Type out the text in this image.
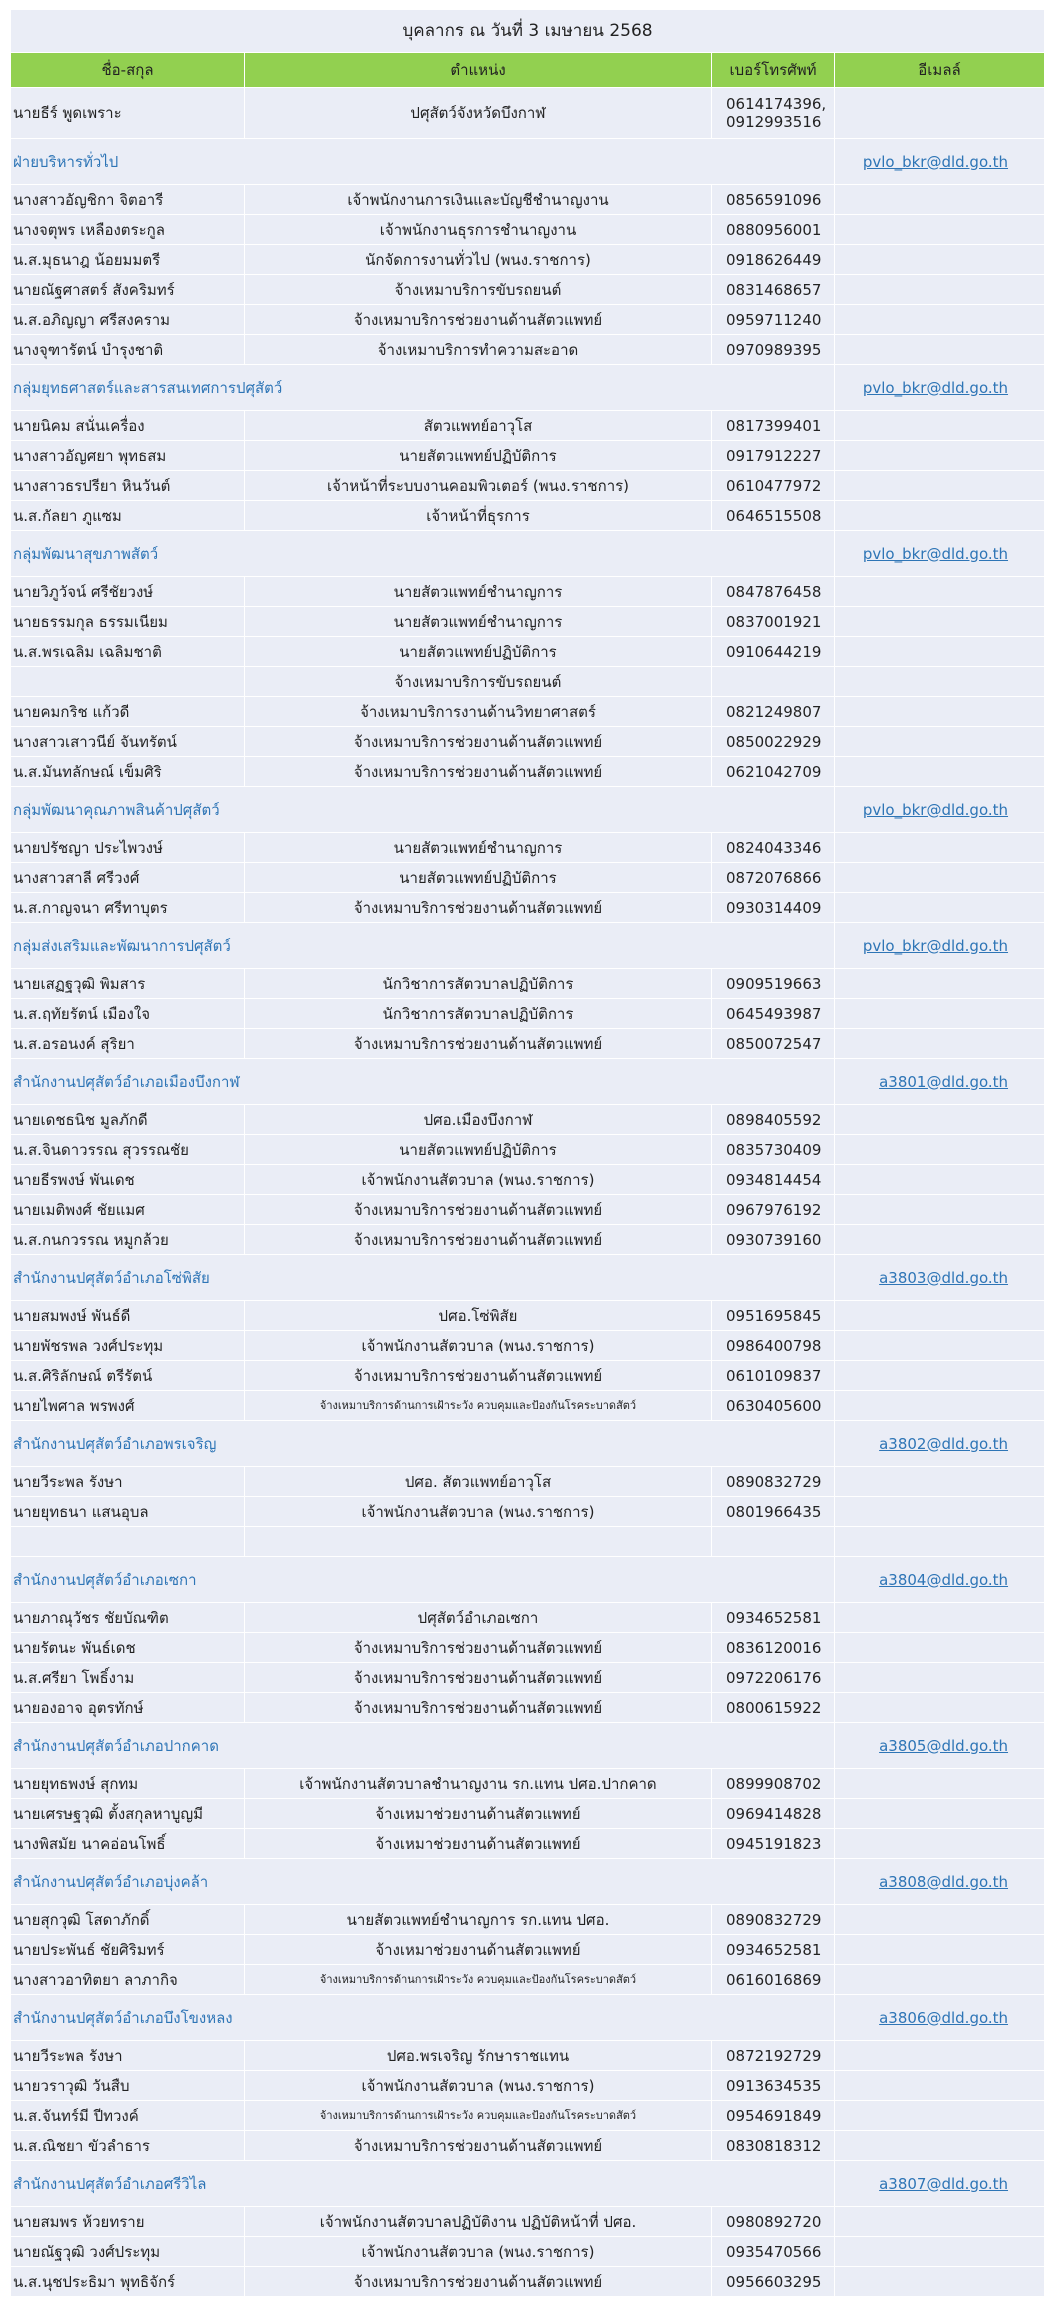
บุคลากร ณ วันที่ 3 เมษายน 2568			
ชื่อ-สกุล	ตำแหน่ง	เบอร์โทรศัพท์	อีเมลล์
นายธีร์ พูดเพราะ	ปศุสัตว์จังหวัดบึงกาฬ	0614174396,
0912993516	
ฝ่ายบริหารทั่วไป			pvlo_bkr@dld.go.th
นางสาวอัญชิกา จิตอารี	เจ้าพนักงานการเงินและบัญชีชำนาญงาน	0856591096	
นางจตุพร เหลืองตระกูล	เจ้าพนักงานธุรการชำนาญงาน	0880956001	
น.ส.มุธนาฎ น้อยมมตรี	นักจัดการงานทั่วไป (พนง.ราชการ)	0918626449	
นายณัฐศาสตร์ สังคริมทร์	จ้างเหมาบริการขับรถยนต์	0831468657	
น.ส.อภิญญา ศรีสงคราม	จ้างเหมาบริการช่วยงานด้านสัตวแพทย์	0959711240	
นางจุฑารัตน์ บำรุงชาติ	จ้างเหมาบริการทำความสะอาด	0970989395	
กลุ่มยุทธศาสตร์และสารสนเทศการปศุสัตว์			pvlo_bkr@dld.go.th
นายนิคม สนั่นเครื่อง	สัตวแพทย์อาวุโส	0817399401	
นางสาวอัญศยา พุทธสม	นายสัตวแพทย์ปฏิบัติการ	0917912227	
นางสาวธรปรียา หินวันต์	เจ้าหน้าที่ระบบงานคอมพิวเตอร์ (พนง.ราชการ)	0610477972	
น.ส.กัลยา ภูแซม	เจ้าหน้าที่ธุรการ	0646515508	
กลุ่มพัฒนาสุขภาพสัตว์			pvlo_bkr@dld.go.th
นายวิภูวัจน์ ศรีชัยวงษ์	นายสัตวแพทย์ชำนาญการ	0847876458	
นายธรรมกุล ธรรมเนียม	นายสัตวแพทย์ชำนาญการ	0837001921	
น.ส.พรเฉลิม เฉลิมชาติ	นายสัตวแพทย์ปฏิบัติการ	0910644219	
	จ้างเหมาบริการขับรถยนต์		
นายคมกริช แก้วดี	จ้างเหมาบริการงานด้านวิทยาศาสตร์	0821249807	
นางสาวเสาวนีย์ จันทรัตน์	จ้างเหมาบริการช่วยงานด้านสัตวแพทย์	0850022929	
น.ส.มันทลักษณ์ เข็มศิริ	จ้างเหมาบริการช่วยงานด้านสัตวแพทย์	0621042709	
กลุ่มพัฒนาคุณภาพสินค้าปศุสัตว์			pvlo_bkr@dld.go.th
นายปรัชญา ประไพวงษ์	นายสัตวแพทย์ชำนาญการ	0824043346	
นางสาวสาลี ศรีวงศ์	นายสัตวแพทย์ปฏิบัติการ	0872076866	
น.ส.กาญจนา ศรีทาบุตร	จ้างเหมาบริการช่วยงานด้านสัตวแพทย์	0930314409	
กลุ่มส่งเสริมและพัฒนาการปศุสัตว์			pvlo_bkr@dld.go.th
นายเสฏฐวุฒิ พิมสาร	นักวิชาการสัตวบาลปฏิบัติการ	0909519663	
น.ส.ฤทัยรัตน์ เมืองใจ	นักวิชาการสัตวบาลปฏิบัติการ	0645493987	
น.ส.อรอนงค์ สุริยา	จ้างเหมาบริการช่วยงานด้านสัตวแพทย์	0850072547	
สำนักงานปศุสัตว์อำเภอเมืองบึงกาฬ			a3801@dld.go.th
นายเดชธนิช มูลภักดี	ปศอ.เมืองบึงกาฬ	0898405592	
น.ส.จินดาวรรณ สุวรรณชัย	นายสัตวแพทย์ปฏิบัติการ	0835730409	
นายธีรพงษ์ พันเดช	เจ้าพนักงานสัตวบาล (พนง.ราชการ)	0934814454	
นายเมติพงศ์ ชัยแมศ	จ้างเหมาบริการช่วยงานด้านสัตวแพทย์	0967976192	
น.ส.กนกวรรณ หมูกล้วย	จ้างเหมาบริการช่วยงานด้านสัตวแพทย์	0930739160	
สำนักงานปศุสัตว์อำเภอโซ่พิสัย			a3803@dld.go.th
นายสมพงษ์ พันธ์ดี	ปศอ.โซ่พิสัย	0951695845	
นายพัชรพล วงศ์ประทุม	เจ้าพนักงานสัตวบาล (พนง.ราชการ)	0986400798	
น.ส.ศิริลักษณ์ ตรีรัตน์	จ้างเหมาบริการช่วยงานด้านสัตวแพทย์	0610109837	
นายไพศาล พรพงศ์	จ้างเหมาบริการด้านการเฝ้าระวัง ควบคุมและป้องกันโรคระบาดสัตว์	0630405600	
สำนักงานปศุสัตว์อำเภอพรเจริญ			a3802@dld.go.th
นายวีระพล รังษา	ปศอ. สัตวแพทย์อาวุโส	0890832729	
นายยุทธนา แสนอุบล	เจ้าพนักงานสัตวบาล (พนง.ราชการ)	0801966435	

สำนักงานปศุสัตว์อำเภอเซกา			a3804@dld.go.th
นายภาณุวัชร ชัยบัณฑิต	ปศุสัตว์อำเภอเซกา	0934652581	
นายรัตนะ พันธ์เดช	จ้างเหมาบริการช่วยงานด้านสัตวแพทย์	0836120016	
น.ส.ศรียา โพธิ์งาม	จ้างเหมาบริการช่วยงานด้านสัตวแพทย์	0972206176	
นายองอาจ อุตรทักษ์	จ้างเหมาบริการช่วยงานด้านสัตวแพทย์	0800615922	
สำนักงานปศุสัตว์อำเภอปากคาด			a3805@dld.go.th
นายยุทธพงษ์ สุกทม	เจ้าพนักงานสัตวบาลชำนาญงาน รก.แทน ปศอ.ปากคาด	0899908702	
นายเศรษฐวุฒิ ตั้งสกุลหาบูญมี	จ้างเหมาช่วยงานด้านสัตวแพทย์	0969414828	
นางพิสมัย นาคอ่อนโพธิ์	จ้างเหมาช่วยงานด้านสัตวแพทย์	0945191823	
สำนักงานปศุสัตว์อำเภอบุ่งคล้า			a3808@dld.go.th
นายสุกวุฒิ โสดาภักดิ์	นายสัตวแพทย์ชำนาญการ รก.แทน ปศอ.	0890832729	
นายประพันธ์ ชัยศิริมทร์	จ้างเหมาช่วยงานด้านสัตวแพทย์	0934652581	
นางสาวอาทิตยา ลาภากิจ	จ้างเหมาบริการด้านการเฝ้าระวัง ควบคุมและป้องกันโรคระบาดสัตว์	0616016869	
สำนักงานปศุสัตว์อำเภอบึงโขงหลง			a3806@dld.go.th
นายวีระพล รังษา	ปศอ.พรเจริญ รักษาราชแทน	0872192729	
นายวราวุฒิ วันสืบ	เจ้าพนักงานสัตวบาล (พนง.ราชการ)	0913634535	
น.ส.จันทร์มี ปีทวงค์	จ้างเหมาบริการด้านการเฝ้าระวัง ควบคุมและป้องกันโรคระบาดสัตว์	0954691849	
น.ส.ณิชยา ขัวลำธาร	จ้างเหมาบริการช่วยงานด้านสัตวแพทย์	0830818312	
สำนักงานปศุสัตว์อำเภอศรีวิไล			a3807@dld.go.th
นายสมพร ห้วยทราย	เจ้าพนักงานสัตวบาลปฏิบัติงาน ปฏิบัติหน้าที่ ปศอ.	0980892720	
นายณัฐวุฒิ วงศ์ประทุม	เจ้าพนักงานสัตวบาล (พนง.ราชการ)	0935470566	
น.ส.นุชประธิมา พุทธิจักร์	จ้างเหมาบริการช่วยงานด้านสัตวแพทย์	0956603295	
